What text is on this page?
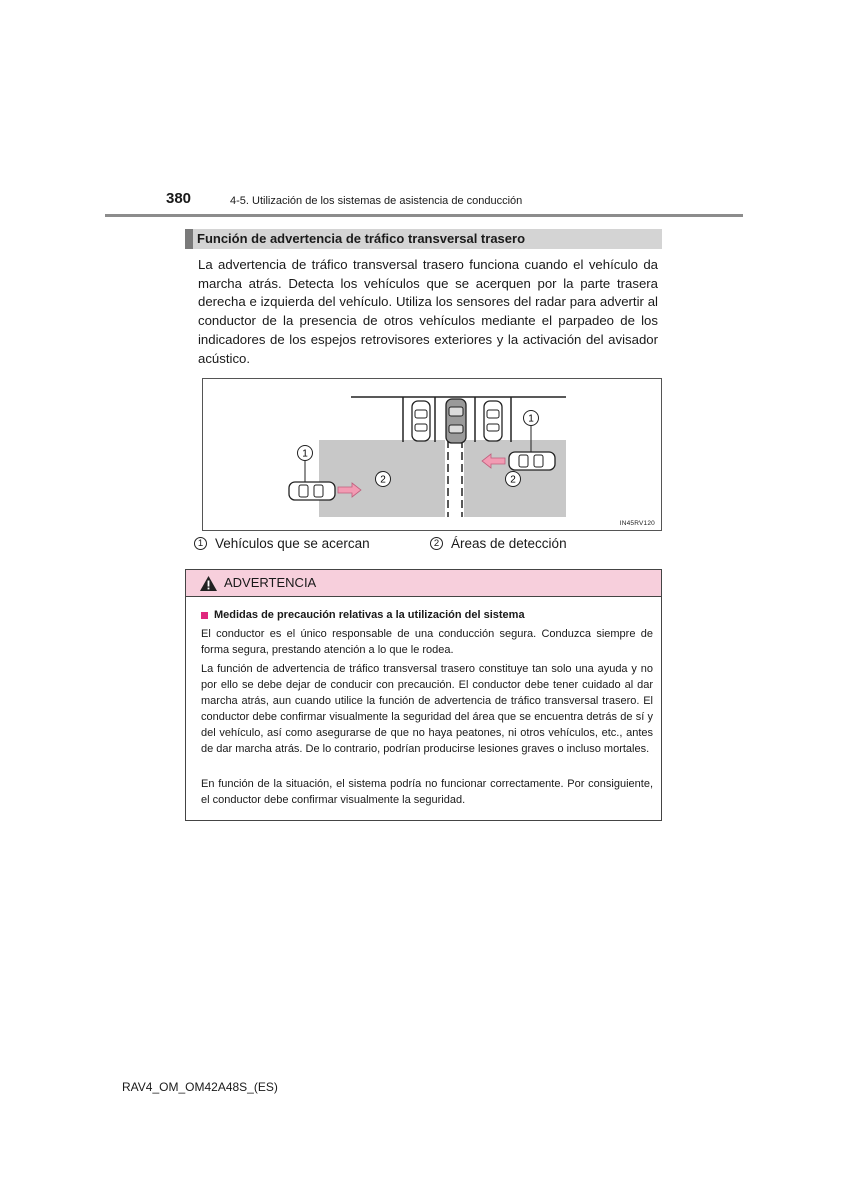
380	4-5. Utilización de los sistemas de asistencia de conducción
Función de advertencia de tráfico transversal trasero

La advertencia de tráfico transversal trasero funciona cuando el vehículo da marcha atrás. Detecta los vehículos que se acerquen por la parte trasera derecha e izquierda del vehículo. Utiliza los sensores del radar para advertir al conductor de la presencia de otros vehículos mediante el parpadeo de los indicadores de los espejos retrovisores exteriores y la activación del avisador acústico.

1
1
2	2
IN45RV120
1 Vehículos que se acercan	2 Áreas de detección
ADVERTENCIA
Medidas de precaución relativas a la utilización del sistema

El conductor es el único responsable de una conducción segura. Conduzca siempre de forma segura, prestando atención a lo que le rodea.

La función de advertencia de tráfico transversal trasero constituye tan solo una ayuda y no por ello se debe dejar de conducir con precaución. El conductor debe tener cuidado al dar marcha atrás, aun cuando utilice la función de advertencia de tráfico transversal trasero. El conductor debe confirmar visualmente la seguridad del área que se encuentra detrás de sí y del vehículo, así como asegurarse de que no haya peatones, ni otros vehículos, etc., antes de dar marcha atrás. De lo contrario, podrían producirse lesiones graves o incluso mortales.

En función de la situación, el sistema podría no funcionar correctamente. Por consiguiente, el conductor debe confirmar visualmente la seguridad.

RAV4_OM_OM42A48S_(ES)
